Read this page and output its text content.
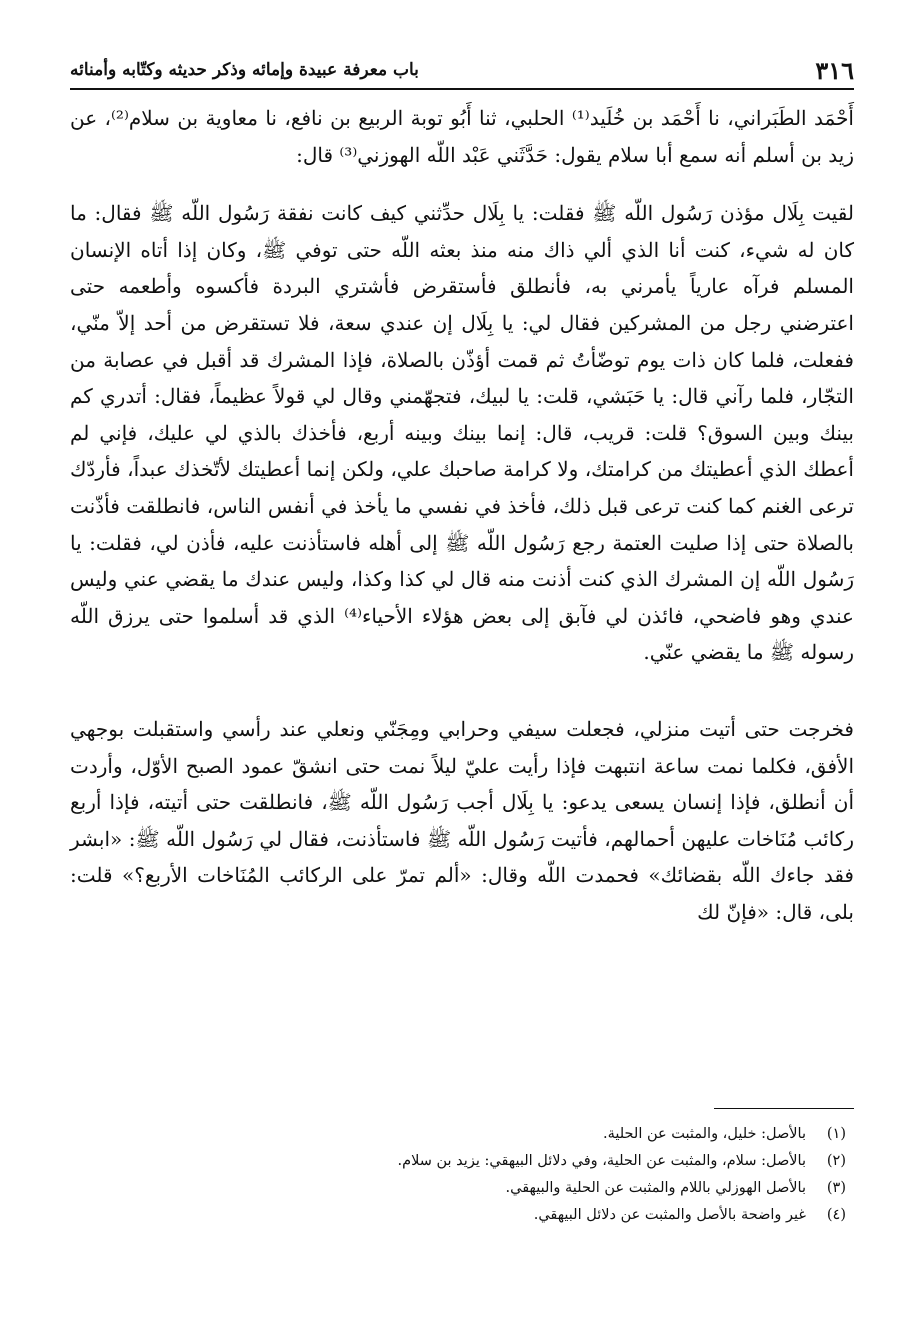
٣١٦
باب معرفة عبيدة وإمائه وذكر حديثه وكتّابه وأمنائه

أَحْمَد الطَبَراني، نا أَحْمَد بن خُلَيد⁽¹⁾ الحلبي، ثنا أَبُو توبة الربيع بن نافع، نا معاوية بن سلام⁽²⁾، عن زيد بن أسلم أنه سمع أبا سلام يقول: حَدَّثَني عَبْد اللّه الهوزني⁽³⁾ قال:

لقيت بِلَال مؤذن رَسُول اللّه ﷺ فقلت: يا بِلَال حدِّثني كيف كانت نفقة رَسُول اللّه ﷺ فقال: ما كان له شيء، كنت أنا الذي ألي ذاك منه منذ بعثه اللّه حتى توفي ﷺ، وكان إذا أتاه الإنسان المسلم فرآه عارياً يأمرني به، فأنطلق فأستقرض فأشتري البردة فأكسوه وأطعمه حتى اعترضني رجل من المشركين فقال لي: يا بِلَال إن عندي سعة، فلا تستقرض من أحد إلاّ منّي، ففعلت، فلما كان ذات يوم توضّأتُ ثم قمت أؤذّن بالصلاة، فإذا المشرك قد أقبل في عصابة من التجّار، فلما رآني قال: يا حَبَشي، قلت: يا لبيك، فتجهّمني وقال لي قولاً عظيماً، فقال: أتدري كم بينك وبين السوق؟ قلت: قريب، قال: إنما بينك وبينه أربع، فأخذك بالذي لي عليك، فإني لم أعطك الذي أعطيتك من كرامتك، ولا كرامة صاحبك علي، ولكن إنما أعطيتك لأتّخذك عبداً، فأردّك ترعى الغنم كما كنت ترعى قبل ذلك، فأخذ في نفسي ما يأخذ في أنفس الناس، فانطلقت فأذّنت بالصلاة حتى إذا صليت العتمة رجع رَسُول اللّه ﷺ إلى أهله فاستأذنت عليه، فأذن لي، فقلت: يا رَسُول اللّه إن المشرك الذي كنت أذنت منه قال لي كذا وكذا، وليس عندك ما يقضي عني وليس عندي وهو فاضحي، فائذن لي فآبق إلى بعض هؤلاء الأحياء⁽⁴⁾ الذي قد أسلموا حتى يرزق اللّه رسوله ﷺ ما يقضي عنّي.

فخرجت حتى أتيت منزلي، فجعلت سيفي وحرابي ومِجَنّي ونعلي عند رأسي واستقبلت بوجهي الأفق، فكلما نمت ساعة انتبهت فإذا رأيت عليّ ليلاً نمت حتى انشقّ عمود الصبح الأوّل، وأردت أن أنطلق، فإذا إنسان يسعى يدعو: يا بِلَال أجب رَسُول اللّه ﷺ، فانطلقت حتى أتيته، فإذا أربع ركائب مُنَاخات عليهن أحمالهم، فأتيت رَسُول اللّه ﷺ فاستأذنت، فقال لي رَسُول اللّه ﷺ: «ابشر فقد جاءك اللّه بقضائك» فحمدت اللّه وقال: «ألم تمرّ على الركائب المُنَاخات الأربع؟» قلت: بلى، قال: «فإنّ لك

(١)
بالأصل: خليل، والمثبت عن الحلية.
(٢)
بالأصل: سلام، والمثبت عن الحلية، وفي دلائل البيهقي: يزيد بن سلام.
(٣)
بالأصل الهوزلي باللام والمثبت عن الحلية والبيهقي.
(٤)
غير واضحة بالأصل والمثبت عن دلائل البيهقي.
